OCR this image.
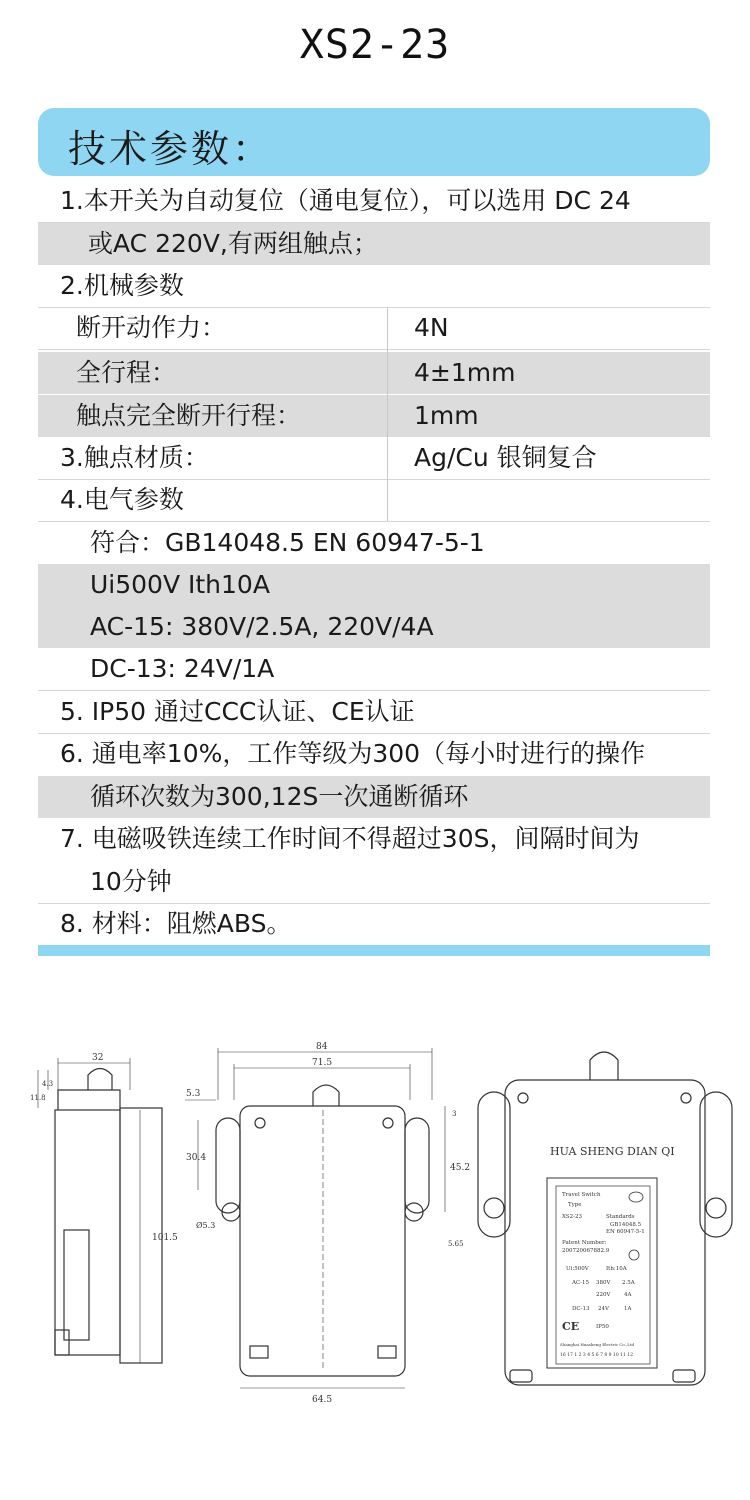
XS2-23
技术参数：
1.本开关为自动复位（通电复位），可以选用 DC 24
或AC 220V,有两组触点；
2.机械参数
断开动作力：	4N
全行程：	4±1mm
触点完全断开行程：	1mm
3.触点材质：	Ag/Cu 银铜复合
4.电气参数
符合：GB14048.5 EN 60947-5-1
Ui500V Ith10A
AC-15: 380V/2.5A, 220V/4A
DC-13: 24V/1A
5. IP50 通过CCC认证、CE认证
6. 通电率10%，工作等级为300（每小时进行的操作
循环次数为300,12S一次通断循环
7. 电磁吸铁连续工作时间不得超过30S，间隔时间为
10分钟
8. 材料：阻燃ABS。
32
11.8
4.3
101.5
84
71.5
5.3
30.4
3
45.2
Ø5.3
5.65
64.5
HUA SHENG DIAN QI
Travel Switch
Type
XS2-23	Standards
GB14048.5
EN 60947-5-1
Patent Number:
200720067882.9
Ui:500V	Ith:10A
AC-15 380V 2.5A
220V 4A
DC-13 24V	1A
IP50
Shanghai Huasheng Electric Co.,Ltd
16 17 1 2 3 4 5 6 7 8 9 10 11 12
CE
